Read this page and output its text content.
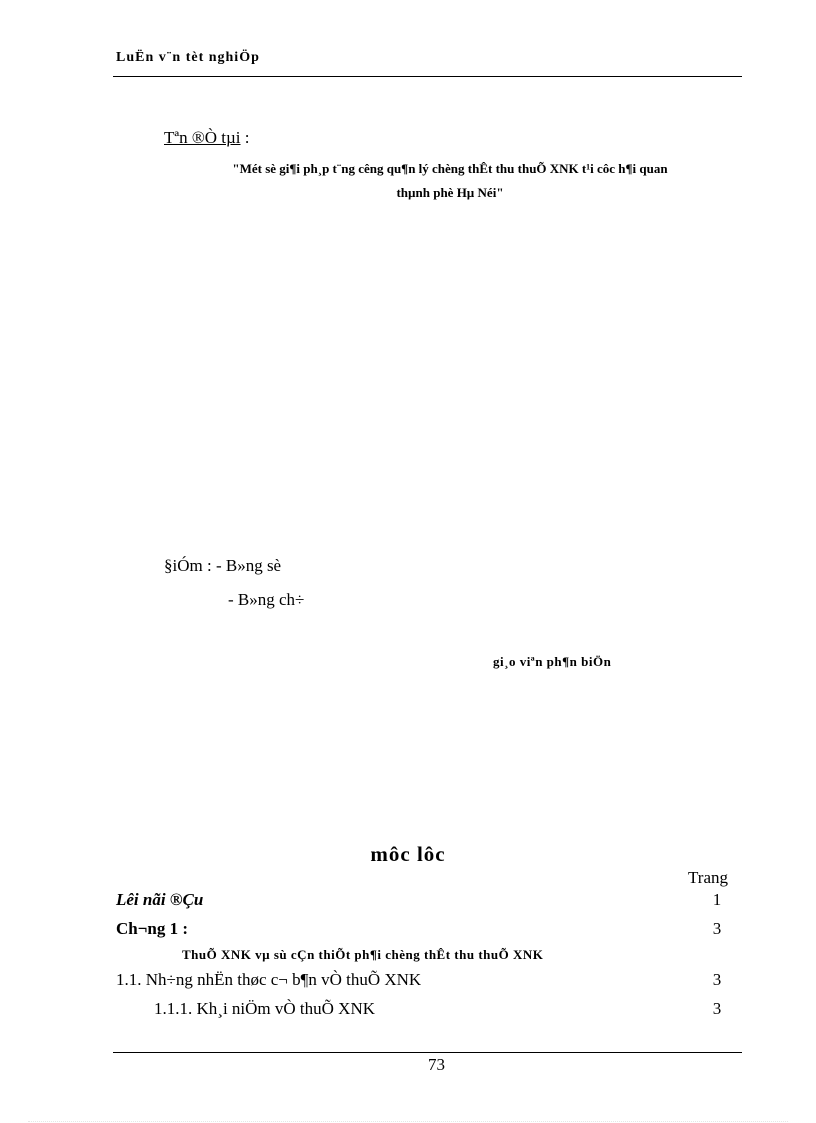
LuËn v¨n tèt nghiÖp
Tªn ®Ò tµi :
"Mét sè gi¶i ph¸p t¨ng cêng qu¶n lý chèng thÊt thu thuÕ XNK t¹i côc h¶i quan
thµnh phè Hµ Néi"
§iÓm : - B»ng sè
- B»ng ch÷
gi¸o viªn ph¶n biÖn
môc lôc
Trang
Lêi nãi ®Çu	1
Ch¬ng 1 :	3
ThuÕ XNK vµ sù cÇn thiÕt ph¶i chèng thÊt thu thuÕ XNK
1.1. Nh÷ng nhËn thøc c¬ b¶n vÒ thuÕ XNK	3
1.1.1. Kh¸i niÖm vÒ thuÕ XNK	3
73
